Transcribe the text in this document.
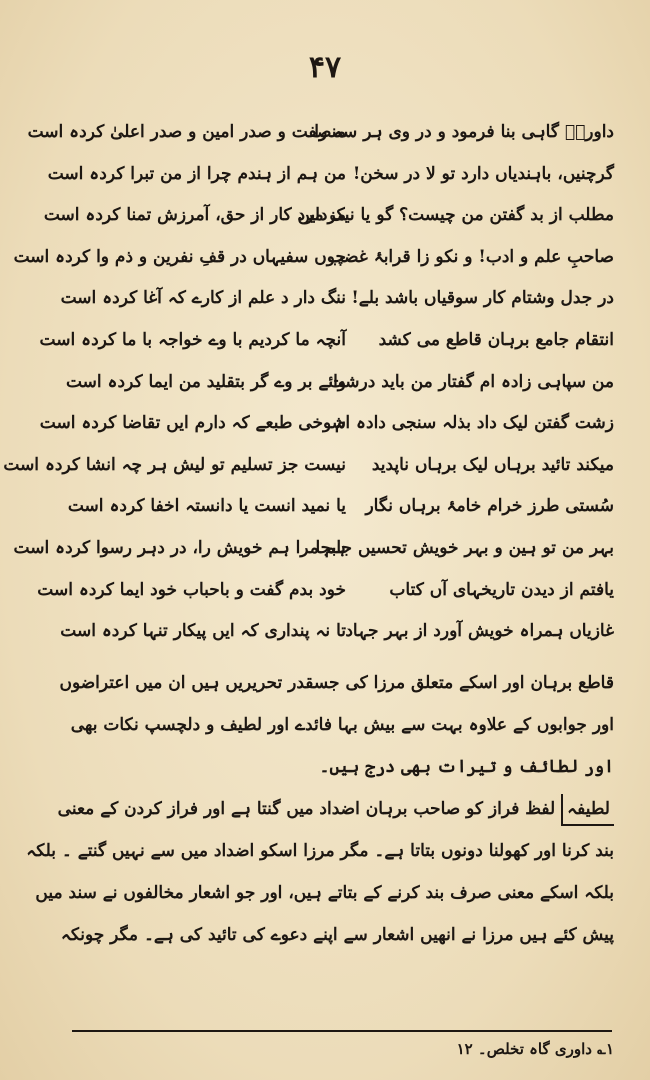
۴۷
داوریؔ گاہی بنا فرمود و در وی ہر سہ را
گرچنیں، باہندیاں دارد تو لا در سخن!
مطلب از بد گفتن من چیست؟ گو یا نیک مرد
صاحبِ علم و ادب! و نکو زا قرابۂ غضب
در جدل وشتام کار سوقیاں باشد بلے!
انتقام جامع برہان قاطع می کشد
من سپاہی زادہ ام گفتار من باید درشت
زشت گفتن لیک داد بذلہ سنجی دادہ ام
میکند تائید برہاں لیک برہاں ناپدید
سُستی طرز خرام خامۂ برہاں نگار
بہر من تو ہین و بہر خویش تحسیں جابجا
یافتم از دیدن تاریخہای آں کتاب
غازیاں ہمراہ خویش آورد از بہر جہاد
منصفت و صدر امین و صدر اعلیٰ کردہ است
من ہم از ہندم چرا از من تبرا کردہ است
مزدایں کار از حق، آمرزش تمنا کردہ است
چوں سفیہاں در قفِ نفرین و ذم وا کردہ است
ننگ دار د علم از کارے کہ آغا کردہ است
آنچہ ما کردیم با وے خواجہ با ما کردہ است
وائے بر وے گر بتقلید من ایما کردہ است
شوخی طبعے کہ دارم ایں تقاضا کردہ است
نیست جز تسلیم تو لیش ہر چہ انشا کردہ است
یا نمید انست یا دانستہ اخفا کردہ است
ہم مرا ہم خویش را، در دہر رسوا کردہ است
خود بدم گفت و باحباب خود ایما کردہ است
تا نہ پنداری کہ ایں پیکار تنہا کردہ است
قاطع برہان اور اسکے متعلق مرزا کی جسقدر تحریریں ہیں ان میں اعتراضوں
اور جوابوں کے علاوہ بہت سے بیش بہا فائدے اور لطیف و دلچسپ نکات بھی
اور لطائف و تیرات بھی درج ہیں۔
لطیفہلفظ فراز کو صاحب برہان اضداد میں گنتا ہے اور فراز کردن کے معنی
بند کرنا اور کھولنا دونوں بتاتا ہے۔ مگر مرزا اسکو اضداد میں سے نہیں گنتے ۔ بلکہ
بلکہ اسکے معنی صرف بند کرنے کے بتاتے ہیں، اور جو اشعار مخالفوں نے سند میں
پیش کئے ہیں مرزا نے انھیں اشعار سے اپنے دعوے کی تائید کی ہے۔ مگر چونکہ
۱؎ داوری گاہ تخلص۔ ۱۲
